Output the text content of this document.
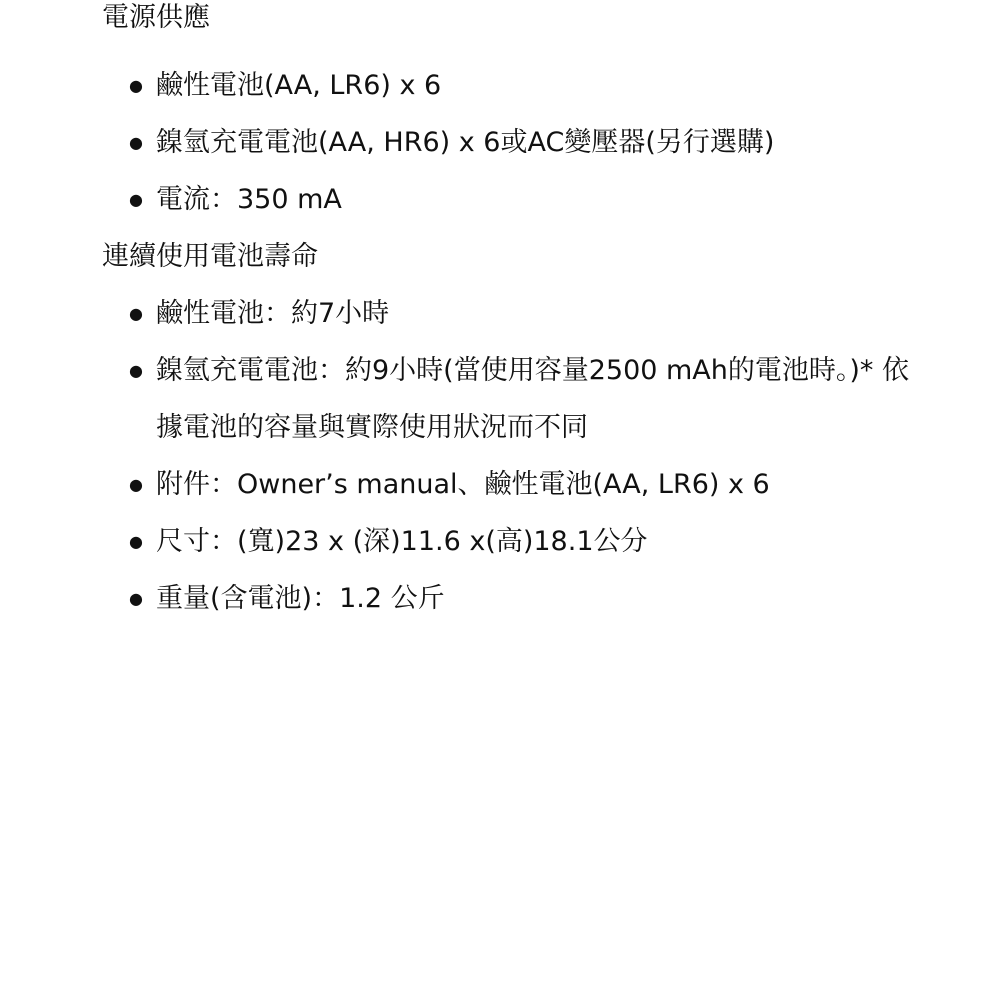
電源供應
● 鹼性電池(AA, LR6) x 6
● 鎳氫充電電池(AA, HR6) x 6或AC變壓器(另行選購)
● 電流：350 mA
連續使用電池壽命
● 鹼性電池：約7小時
● 鎳氫充電電池：約9小時(當使用容量2500 mAh的電池時。)* 依據電池的容量與實際使用狀況而不同
● 附件：Owner’s manual、鹼性電池(AA, LR6) x 6
● 尺寸：(寬)23 x (深)11.6 x(高)18.1公分
● 重量(含電池)：1.2 公斤
